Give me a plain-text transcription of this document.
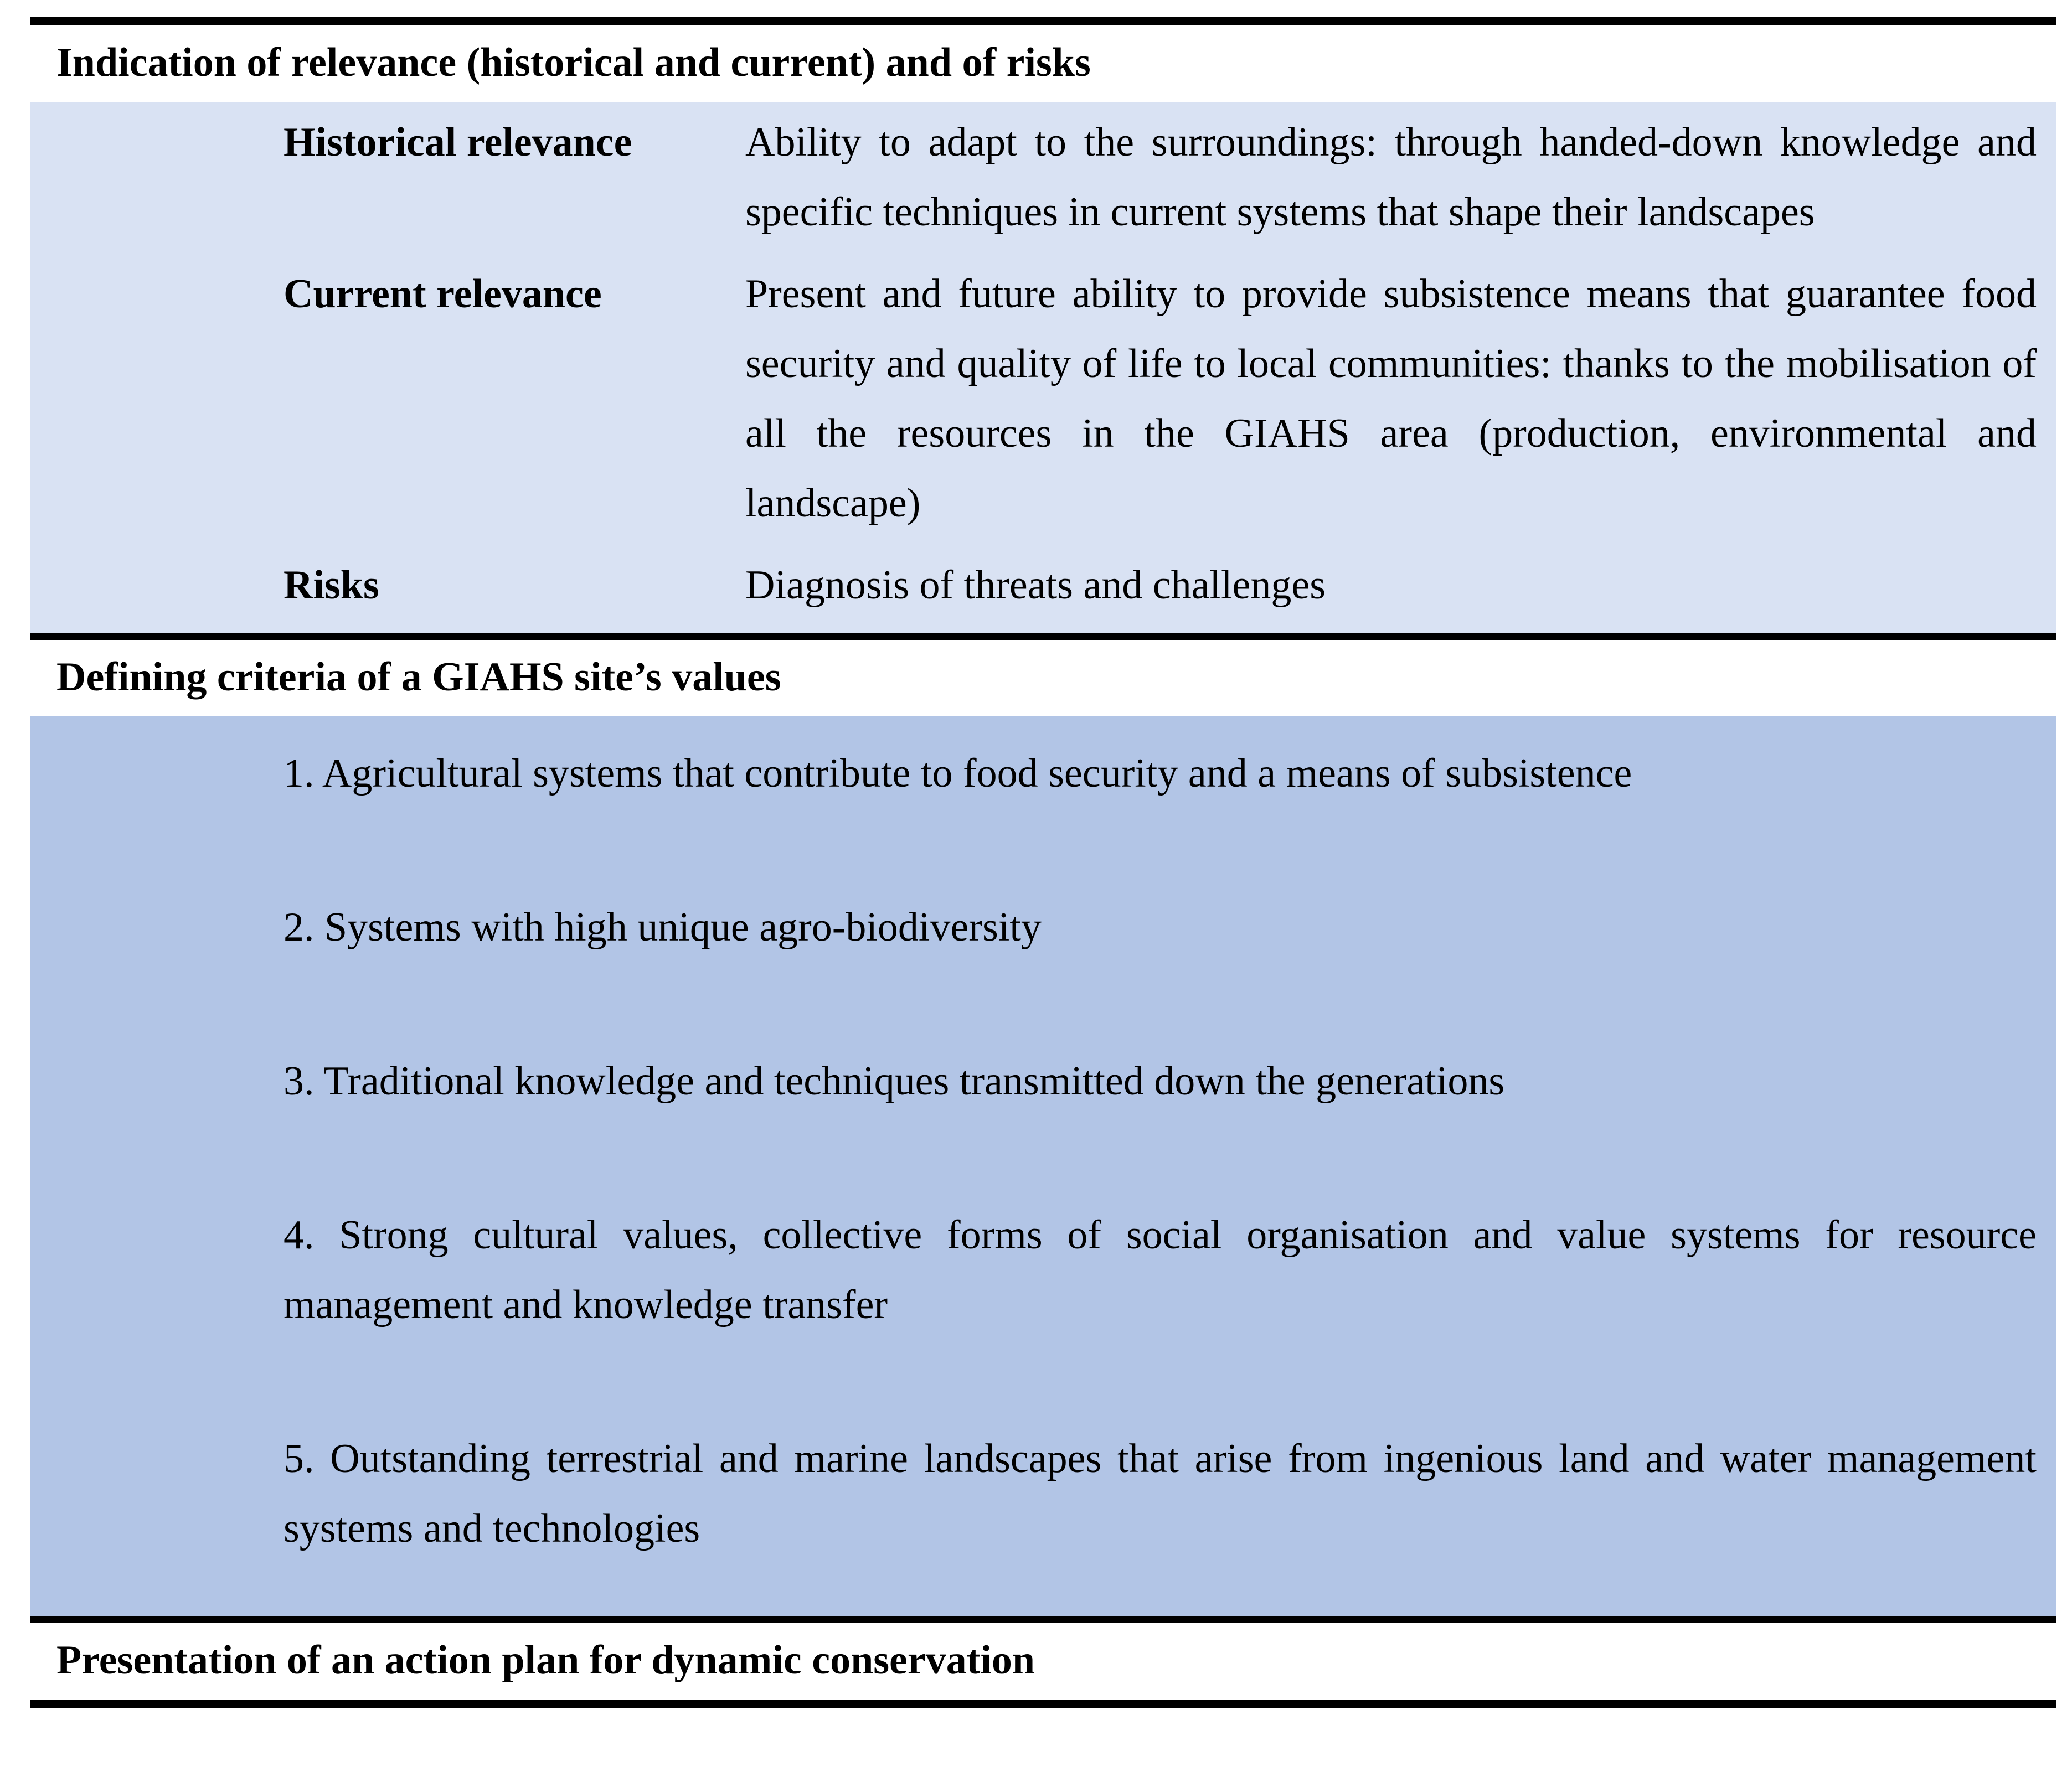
Indication of relevance (historical and current) and of risks
Historical relevance	Ability to adapt to the surroundings: through handed-down knowledge and specific techniques in current systems that shape their landscapes
Current relevance	Present and future ability to provide subsistence means that guarantee food security and quality of life to local communities: thanks to the mobilisation of all the resources in the GIAHS area (production, environmental and landscape)
Risks	Diagnosis of threats and challenges
Defining criteria of a GIAHS site’s values
1. Agricultural systems that contribute to food security and a means of subsistence
2. Systems with high unique agro-biodiversity
3. Traditional knowledge and techniques transmitted down the generations
4. Strong cultural values, collective forms of social organisation and value systems for resource management and knowledge transfer
5. Outstanding terrestrial and marine landscapes that arise from ingenious land and water management systems and technologies
Presentation of an action plan for dynamic conservation
